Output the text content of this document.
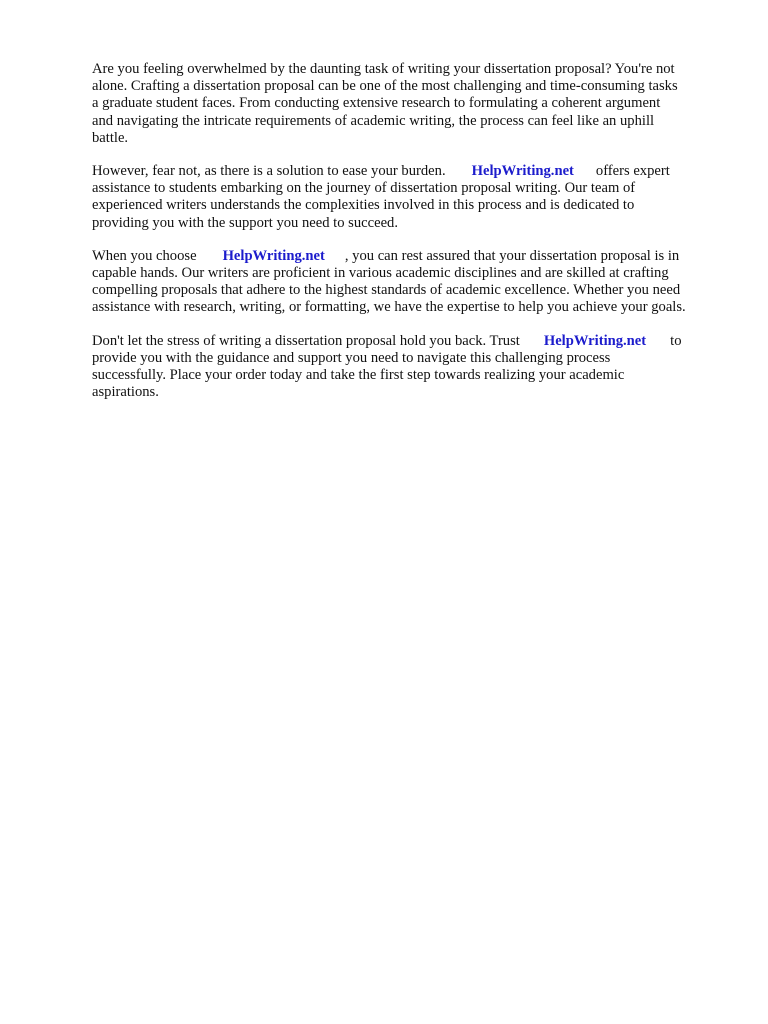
Are you feeling overwhelmed by the daunting task of writing your dissertation proposal? You're not
alone. Crafting a dissertation proposal can be one of the most challenging and time-consuming tasks
a graduate student faces. From conducting extensive research to formulating a coherent argument
and navigating the intricate requirements of academic writing, the process can feel like an uphill
battle.

However, fear not, as there is a solution to ease your burden. HelpWriting.net offers expert
assistance to students embarking on the journey of dissertation proposal writing. Our team of
experienced writers understands the complexities involved in this process and is dedicated to
providing you with the support you need to succeed.

When you choose HelpWriting.net , you can rest assured that your dissertation proposal is in
capable hands. Our writers are proficient in various academic disciplines and are skilled at crafting
compelling proposals that adhere to the highest standards of academic excellence. Whether you need
assistance with research, writing, or formatting, we have the expertise to help you achieve your goals.

Don't let the stress of writing a dissertation proposal hold you back. Trust HelpWriting.net to
provide you with the guidance and support you need to navigate this challenging process
successfully. Place your order today and take the first step towards realizing your academic
aspirations.
